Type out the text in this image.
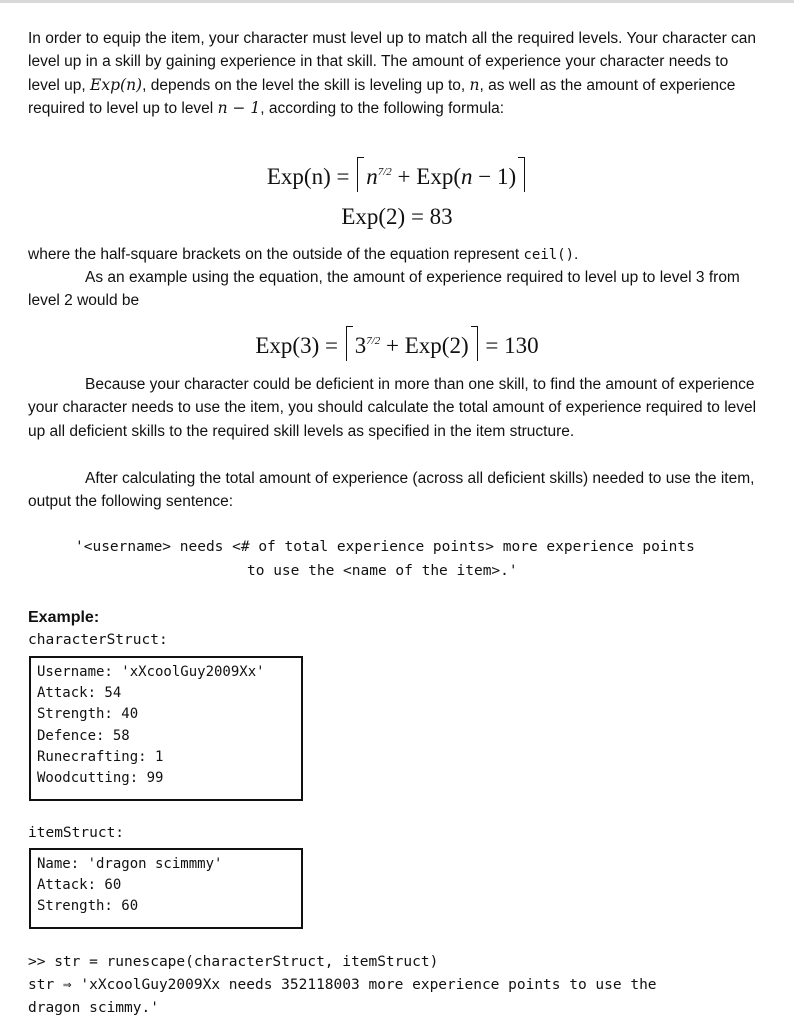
In order to equip the item, your character must level up to match all the required levels. Your character can level up in a skill by gaining experience in that skill. The amount of experience your character needs to level up, Exp(n), depends on the level the skill is leveling up to, n, as well as the amount of experience required to level up to level n − 1, according to the following formula:
$Exp(n) = n^{7/2} + Exp(n - 1)$
Exp(2) = 83
where the half-square brackets on the outside of the equation represent ceil().
As an example using the equation, the amount of experience required to level up to level 3 from level 2 would be
$Exp(3) = 3^{7/2} + Exp(2) = 130$
Because your character could be deficient in more than one skill, to find the amount of experience your character needs to use the item, you should calculate the total amount of experience required to level up all deficient skills to the required skill levels as specified in the item structure.
After calculating the total amount of experience (across all deficient skills) needed to use the item, output the following sentence:
'<username> needs <# of total experience points> more experience points
to use the <name of the item>.'
Example:
characterStruct:
Username: 'xXcoolGuy2009Xx'
Attack: 54
Strength: 40
Defence: 58
Runecrafting: 1
Woodcutting: 99
itemStruct:
Name: 'dragon scimmmy'
Attack: 60
Strength: 60
>> str = runescape(characterStruct, itemStruct)
str ⇒ 'xXcoolGuy2009Xx needs 352118003 more experience points to use the
dragon scimmy.'
